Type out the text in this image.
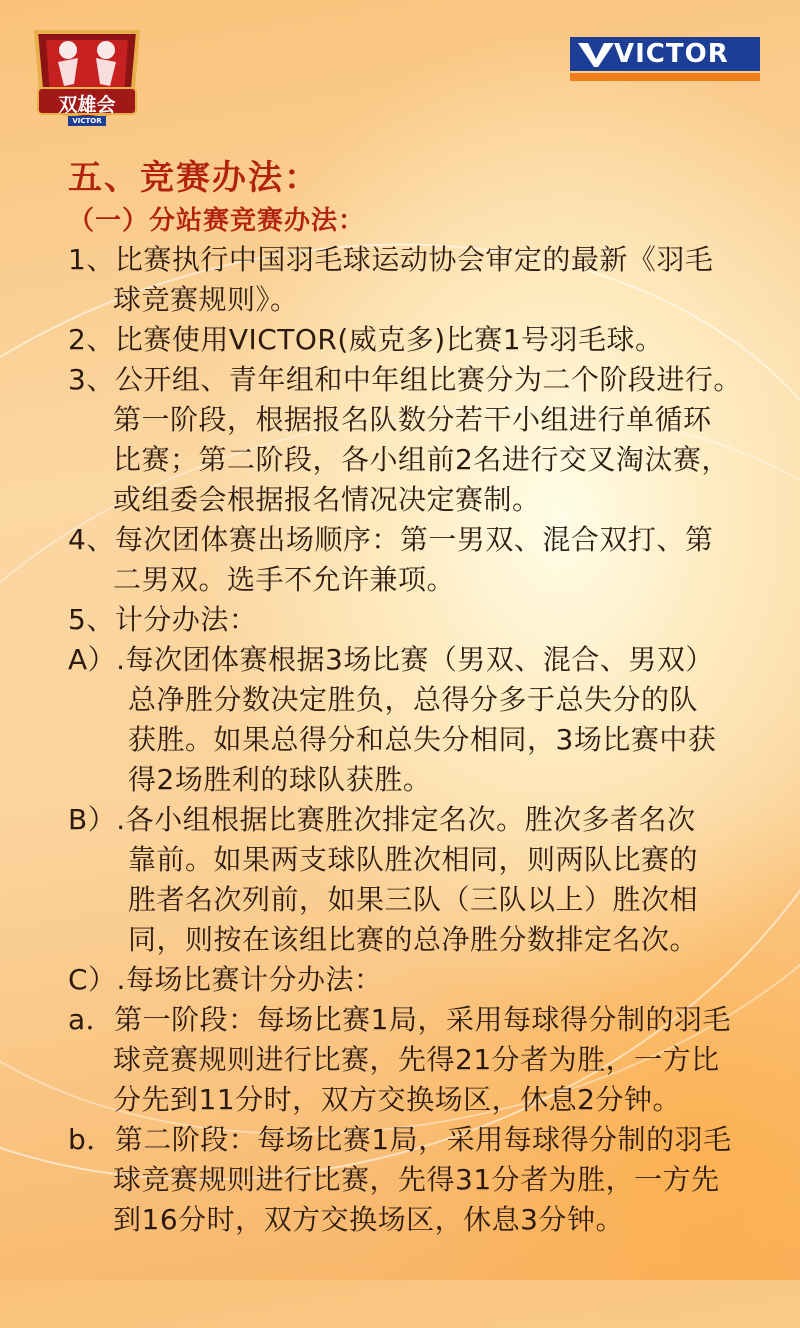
双雄会
VICTOR
VICTOR
五、竞赛办法：
（一）分站赛竞赛办法：
1、比赛执行中国羽毛球运动协会审定的最新《羽毛
球竞赛规则》。
2、比赛使用VICTOR(威克多)比赛1号羽毛球。
3、公开组、青年组和中年组比赛分为二个阶段进行。
第一阶段，根据报名队数分若干小组进行单循环
比赛；第二阶段，各小组前2名进行交叉淘汰赛，
或组委会根据报名情况决定赛制。
4、每次团体赛出场顺序：第一男双、混合双打、第
二男双。选手不允许兼项。
5、计分办法：
A）.每次团体赛根据3场比赛（男双、混合、男双）
总净胜分数决定胜负，总得分多于总失分的队
获胜。如果总得分和总失分相同，3场比赛中获
得2场胜利的球队获胜。
B）.各小组根据比赛胜次排定名次。胜次多者名次
靠前。如果两支球队胜次相同，则两队比赛的
胜者名次列前，如果三队（三队以上）胜次相
同，则按在该组比赛的总净胜分数排定名次。
C）.每场比赛计分办法：
a．第一阶段：每场比赛1局，采用每球得分制的羽毛
球竞赛规则进行比赛，先得21分者为胜，一方比
分先到11分时，双方交换场区，休息2分钟。
b．第二阶段：每场比赛1局，采用每球得分制的羽毛
球竞赛规则进行比赛，先得31分者为胜，一方先
到16分时，双方交换场区，休息3分钟。
